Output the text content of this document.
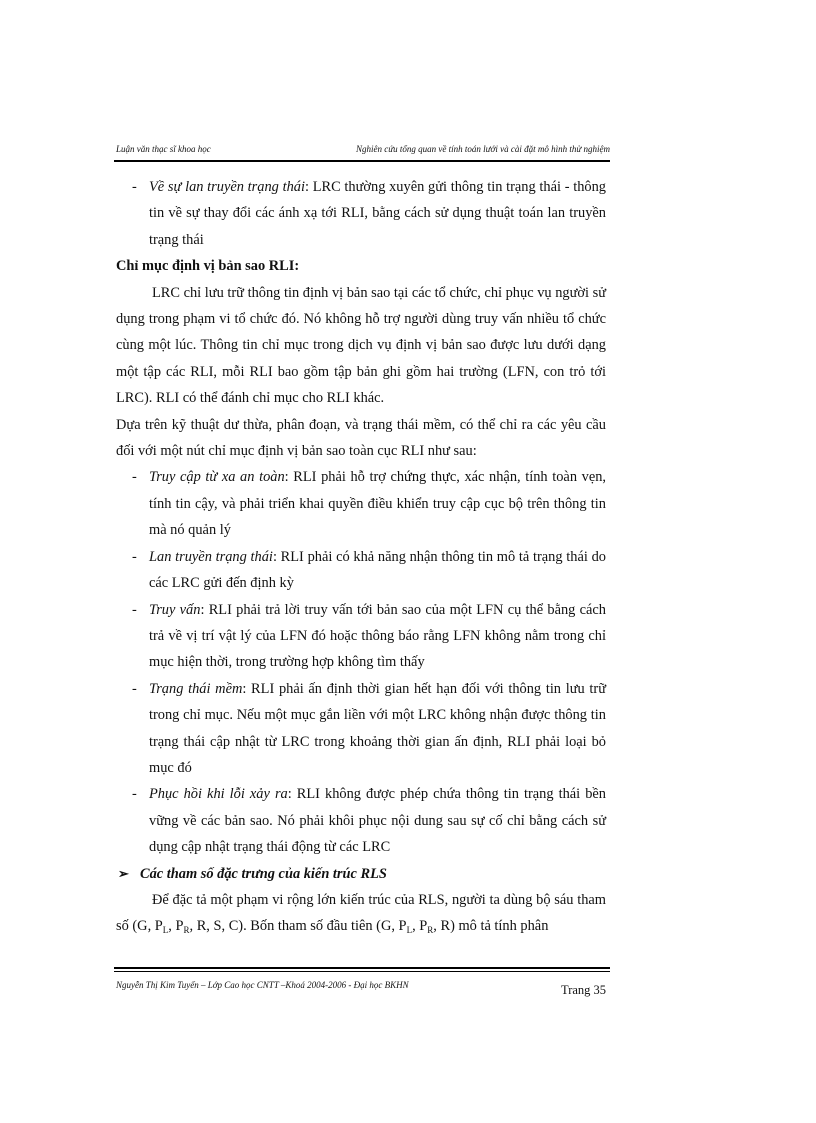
Luận văn thạc sĩ khoa học	Nghiên cứu tổng quan về tính toán lưới và cài đặt mô hình thử nghiệm

- Về sự lan truyền trạng thái: LRC thường xuyên gửi thông tin trạng thái - thông tin về sự thay đổi các ánh xạ tới RLI, bằng cách sử dụng thuật toán lan truyền trạng thái

Chỉ mục định vị bản sao RLI:

LRC chỉ lưu trữ thông tin định vị bản sao tại các tổ chức, chỉ phục vụ người sử dụng trong phạm vi tổ chức đó. Nó không hỗ trợ người dùng truy vấn nhiều tổ chức cùng một lúc. Thông tin chỉ mục trong dịch vụ định vị bản sao được lưu dưới dạng một tập các RLI, mỗi RLI bao gồm tập bản ghi gồm hai trường (LFN, con trỏ tới LRC). RLI có thể đánh chỉ mục cho RLI khác.

Dựa trên kỹ thuật dư thừa, phân đoạn, và trạng thái mềm, có thể chỉ ra các yêu cầu đối với một nút chỉ mục định vị bản sao toàn cục RLI như sau:

- Truy cập từ xa an toàn: RLI phải hỗ trợ chứng thực, xác nhận, tính toàn vẹn, tính tin cậy, và phải triển khai quyền điều khiển truy cập cục bộ trên thông tin mà nó quản lý

- Lan truyền trạng thái: RLI phải có khả năng nhận thông tin mô tả trạng thái do các LRC gửi đến định kỳ

- Truy vấn: RLI phải trả lời truy vấn tới bản sao của một LFN cụ thể bằng cách trả về vị trí vật lý của LFN đó hoặc thông báo rằng LFN không nằm trong chỉ mục hiện thời, trong trường hợp không tìm thấy

- Trạng thái mềm: RLI phải ấn định thời gian hết hạn đối với thông tin lưu trữ trong chỉ mục. Nếu một mục gắn liền với một LRC không nhận được thông tin trạng thái cập nhật từ LRC trong khoảng thời gian ấn định, RLI phải loại bỏ mục đó

- Phục hồi khi lỗi xảy ra: RLI không được phép chứa thông tin trạng thái bền vững về các bản sao. Nó phải khôi phục nội dung sau sự cố chỉ bằng cách sử dụng cập nhật trạng thái động từ các LRC

➢ Các tham số đặc trưng của kiến trúc RLS

Để đặc tả một phạm vi rộng lớn kiến trúc của RLS, người ta dùng bộ sáu tham số (G, $P_L$, $P_R$, R, S, C). Bốn tham số đầu tiên (G, $P_L$, $P_R$, R) mô tả tính phân

Nguyễn Thị Kim Tuyến – Lớp Cao học CNTT –Khoá 2004-2006 - Đại học BKHN	Trang 35
